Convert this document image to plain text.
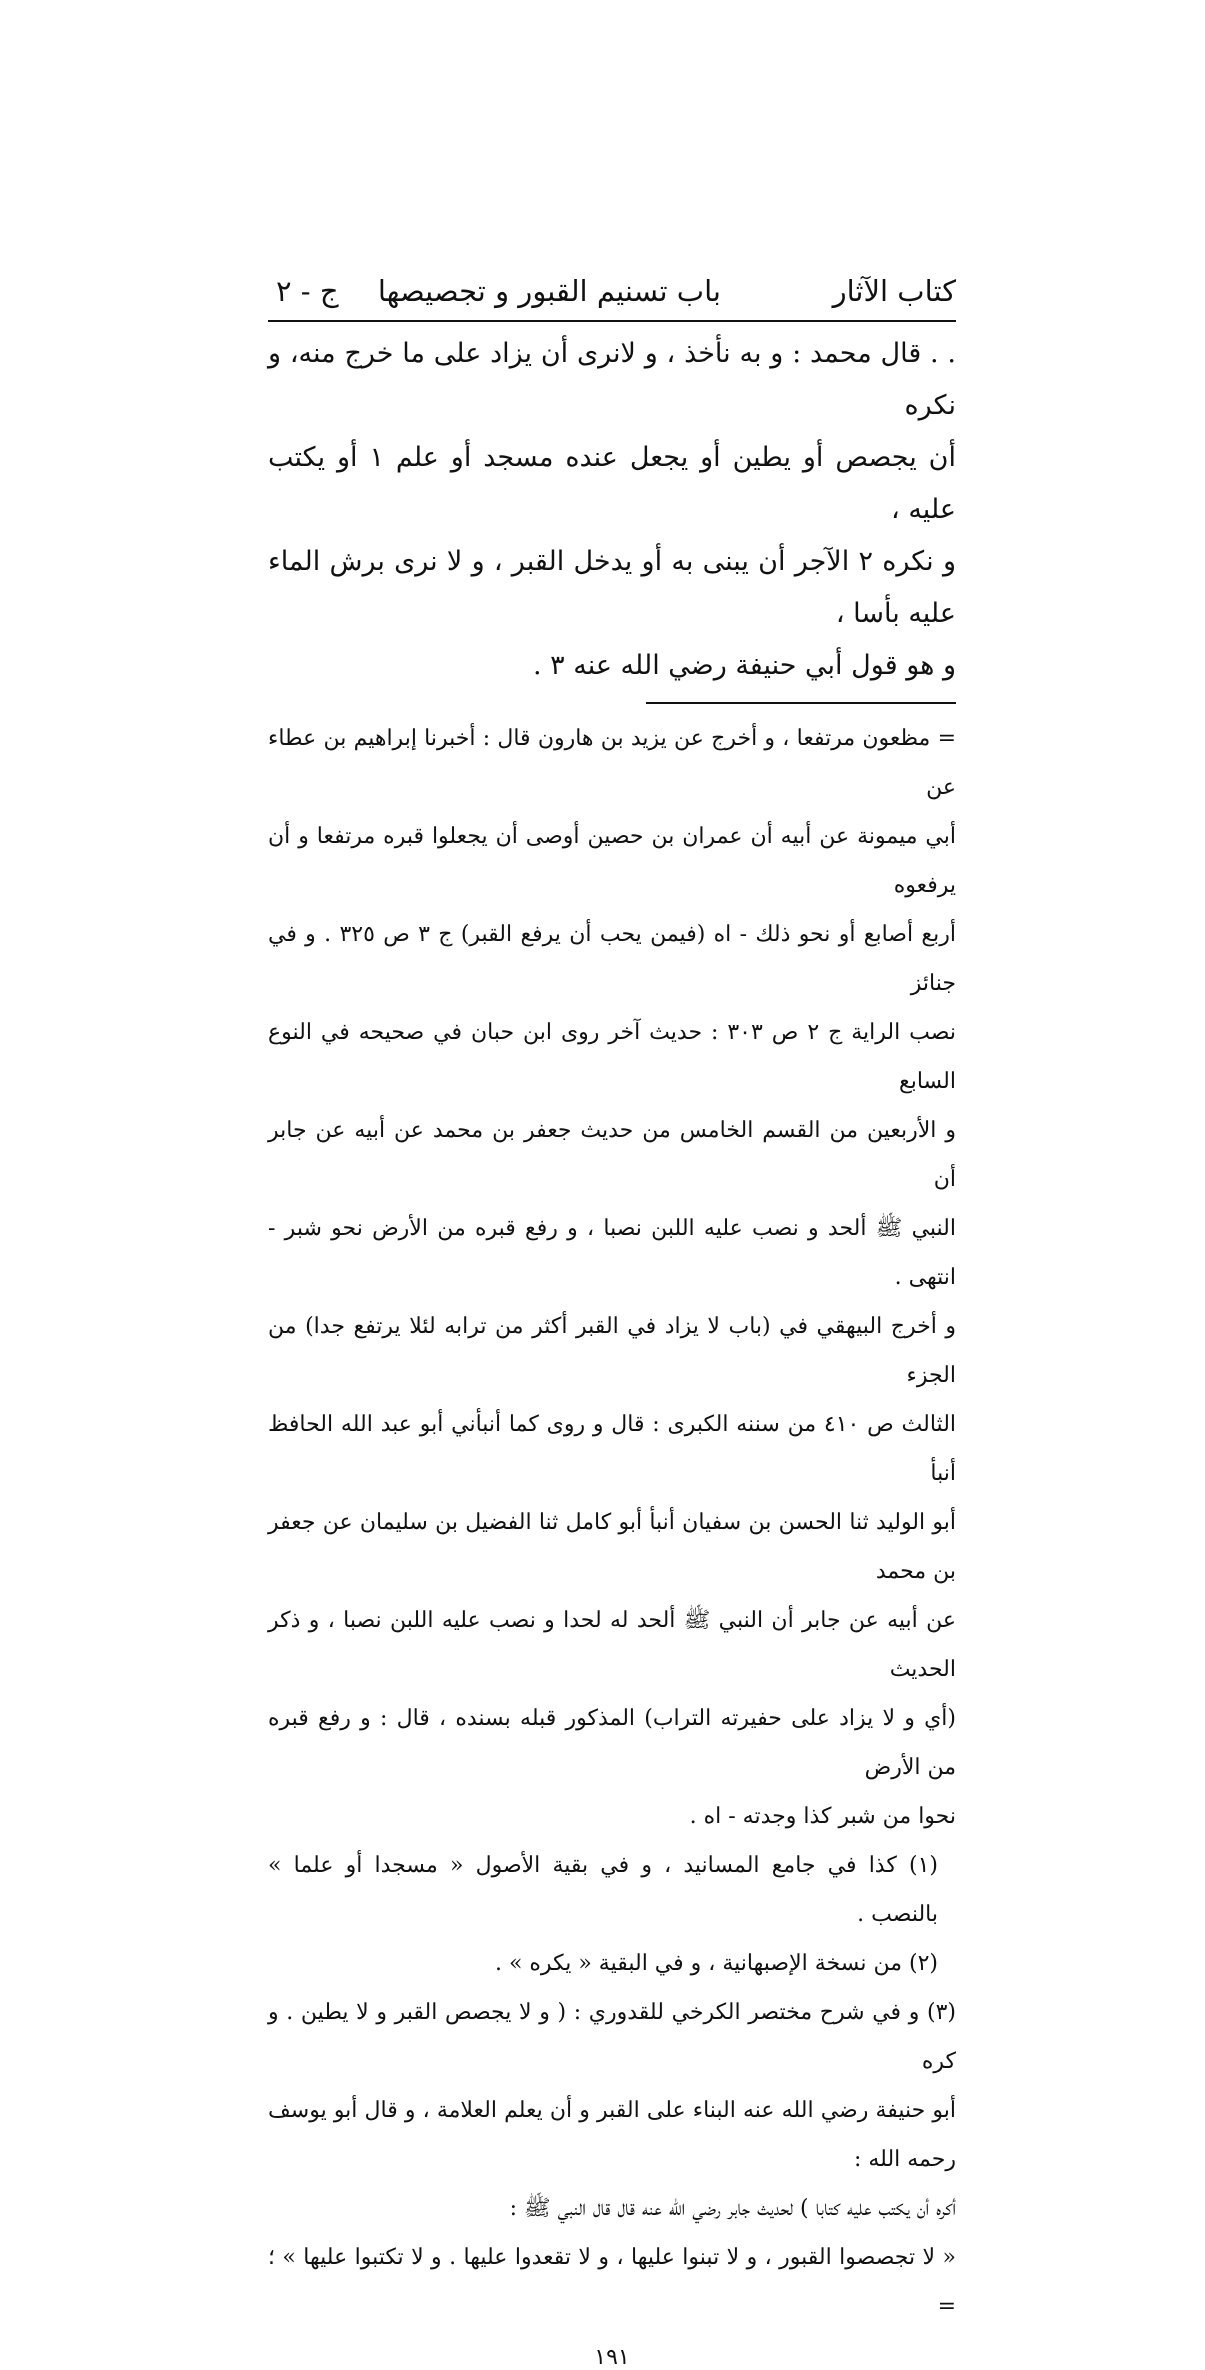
كتاب الآثار
باب تسنيم القبور و تجصيصها
ج - ٢

. . قال محمد : و به نأخذ ، و لانرى أن يزاد على ما خرج منه، و نكره

أن يجصص أو يطين أو يجعل عنده مسجد أو علم ١ أو يكتب عليه ،

و نكره ٢ الآجر أن يبنى به أو يدخل القبر ، و لا نرى برش الماء عليه بأسا ،

و هو قول أبي حنيفة رضي الله عنه ٣ .

= مظعون مرتفعا ، و أخرج عن يزيد بن هارون قال : أخبرنا إبراهيم بن عطاء عن

أبي ميمونة عن أبيه أن عمران بن حصين أوصى أن يجعلوا قبره مرتفعا و أن يرفعوه

أربع أصابع أو نحو ذلك - اه (فيمن يحب أن يرفع القبر) ج ٣ ص ٣٢٥ . و في جنائز

نصب الراية ج ٢ ص ٣٠٣ : حديث آخر روى ابن حبان في صحيحه في النوع السابع

و الأربعين من القسم الخامس من حديث جعفر بن محمد عن أبيه عن جابر أن

النبي ﷺ ألحد و نصب عليه اللبن نصبا ، و رفع قبره من الأرض نحو شبر - انتهى .

و أخرج البيهقي في (باب لا يزاد في القبر أكثر من ترابه لئلا يرتفع جدا) من الجزء

الثالث ص ٤١٠ من سننه الكبرى : قال و روى كما أنبأني أبو عبد الله الحافظ أنبأ

أبو الوليد ثنا الحسن بن سفيان أنبأ أبو كامل ثنا الفضيل بن سليمان عن جعفر بن محمد

عن أبيه عن جابر أن النبي ﷺ ألحد له لحدا و نصب عليه اللبن نصبا ، و ذكر الحديث

(أي و لا يزاد على حفيرته التراب) المذكور قبله بسنده ، قال : و رفع قبره من الأرض

نحوا من شبر كذا وجدته - اه .

(١) كذا في جامع المسانيد ، و في بقية الأصول « مسجدا أو علما » بالنصب .

(٢) من نسخة الإصبهانية ، و في البقية « يكره » .

(٣) و في شرح مختصر الكرخي للقدوري : ( و لا يجصص القبر و لا يطين . و كره

أبو حنيفة رضي الله عنه البناء على القبر و أن يعلم العلامة ، و قال أبو يوسف رحمه الله :

أكره أن يكتب عليه كتابا ) لحديث جابر رضي الله عنه قال قال النبي ﷺ :

« لا تجصصوا القبور ، و لا تبنوا عليها ، و لا تقعدوا عليها . و لا تكتبوا عليها » ؛ =

١٩١
